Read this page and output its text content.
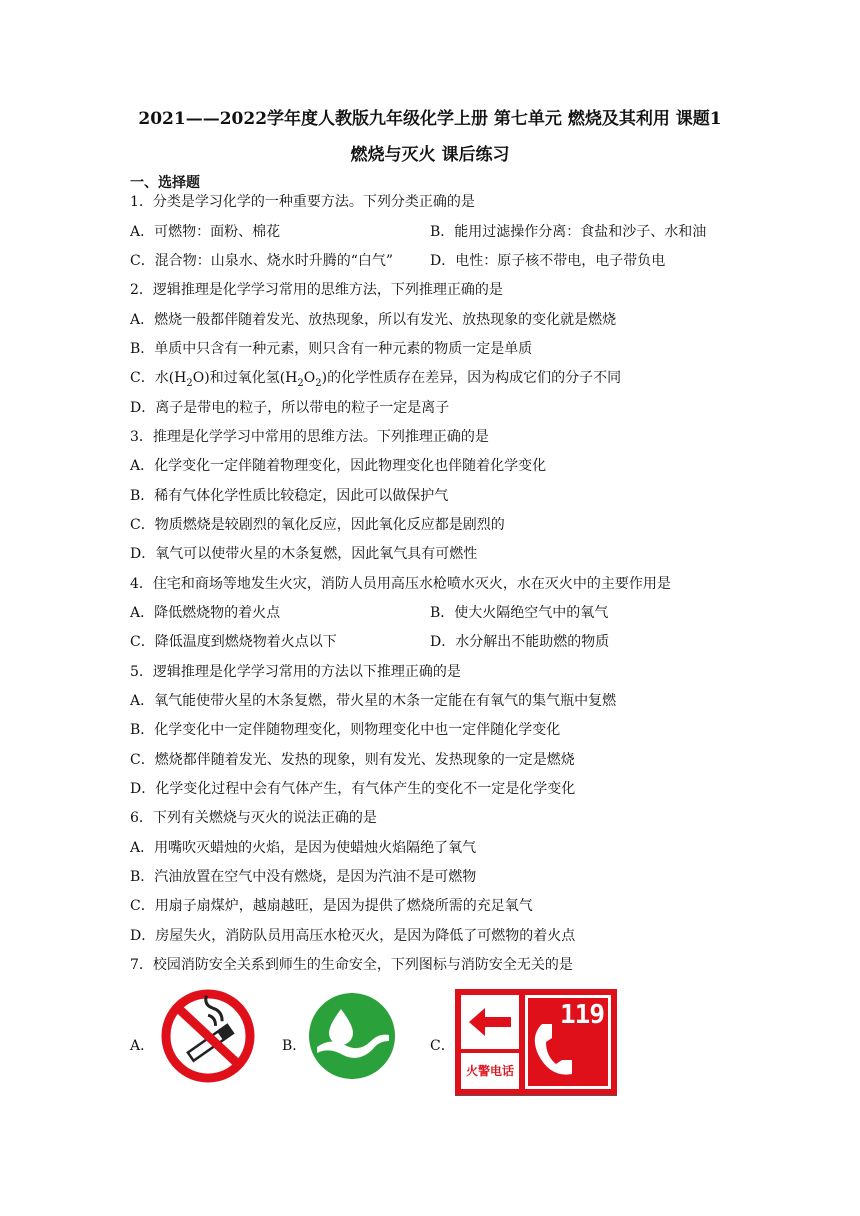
2021——2022学年度人教版九年级化学上册 第七单元 燃烧及其利用 课题1
燃烧与灭火 课后练习
一、选择题
1．分类是学习化学的一种重要方法。下列分类正确的是
A．可燃物：面粉、棉花	B．能用过滤操作分离：食盐和沙子、水和油
C．混合物：山泉水、烧水时升腾的“白气”	D．电性：原子核不带电，电子带负电
2．逻辑推理是化学学习常用的思维方法，下列推理正确的是
A．燃烧一般都伴随着发光、放热现象，所以有发光、放热现象的变化就是燃烧
B．单质中只含有一种元素，则只含有一种元素的物质一定是单质
C．水$(H_2O)$和过氧化氢$(H_2O_2)$的化学性质存在差异，因为构成它们的分子不同
D．离子是带电的粒子，所以带电的粒子一定是离子
3．推理是化学学习中常用的思维方法。下列推理正确的是
A．化学变化一定伴随着物理变化，因此物理变化也伴随着化学变化
B．稀有气体化学性质比较稳定，因此可以做保护气
C．物质燃烧是较剧烈的氧化反应，因此氧化反应都是剧烈的
D．氧气可以使带火星的木条复燃，因此氧气具有可燃性
4．住宅和商场等地发生火灾，消防人员用高压水枪喷水灭火，水在灭火中的主要作用是
A．降低燃烧物的着火点	B．使大火隔绝空气中的氧气
C．降低温度到燃烧物着火点以下	D．水分解出不能助燃的物质
5．逻辑推理是化学学习常用的方法以下推理正确的是
A．氧气能使带火星的木条复燃，带火星的木条一定能在有氧气的集气瓶中复燃
B．化学变化中一定伴随物理变化，则物理变化中也一定伴随化学变化
C．燃烧都伴随着发光、发热的现象，则有发光、发热现象的一定是燃烧
D．化学变化过程中会有气体产生，有气体产生的变化不一定是化学变化
6．下列有关燃烧与灭火的说法正确的是
A．用嘴吹灭蜡烛的火焰，是因为使蜡烛火焰隔绝了氧气
B．汽油放置在空气中没有燃烧，是因为汽油不是可燃物
C．用扇子扇煤炉，越扇越旺，是因为提供了燃烧所需的充足氧气
D．房屋失火，消防队员用高压水枪灭火，是因为降低了可燃物的着火点
7．校园消防安全关系到师生的生命安全，下列图标与消防安全无关的是
A．	B．	C．
火警电话
119
